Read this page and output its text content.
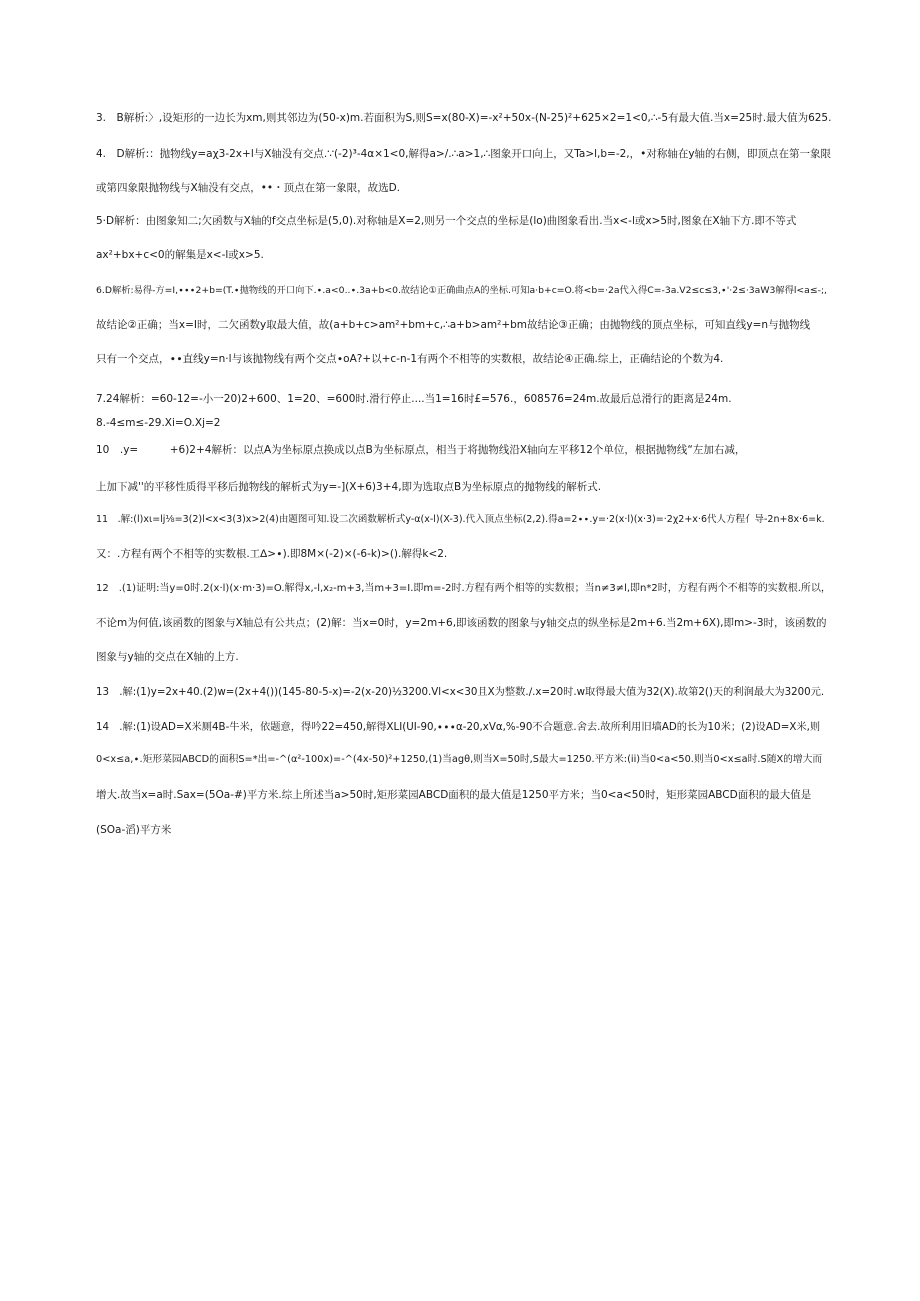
3.　B解析:〉,设矩形的一边长为xm,则其邻边为(50-x)m.若面积为S,则S=x(80-X)=-x²+50x-(N-25)²+625×2=1<0,∴-5有最大值.当x=25时.最大值为625.
4.　D解析:：抛物线y=aχ3-2x+l与X轴没有交点.∵(-2)³-4α×1<0,解得a>/.∴a>1,∴图象开口向上，又Ta>l,b=-2,，•对称轴在y轴的右侧，即顶点在第一象限
或第四象限抛物线与X轴没有交点，••・顶点在第一象限，故选D.
5·D解析：由图象知二;欠函数与X轴的f交点坐标是(5,0).对称轴是X=2,则另一个交点的坐标是(lo)曲图象看出.当x<-l或x>5时,图象在X轴下方.即不等式
ax²+bx+c<0的解集是x<-l或x>5.
6.D解析:易得-方=I,∙∙∙2+b=(T.∙抛物线的开口向下.∙.a<0..∙.3a+b<0.故结论①正确曲点A的坐标.可知a·b+c=O.将<b=·2a代入得C=-3a.V2≤c≤3,∙'·2≤·3aW3解得l<a≤-;,
故结论②正确；当x=I时，二欠函数y取最大值，故(a+b+c>am²+bm+c,∴a+b>am²+bm故结论③正确；由抛物线的顶点坐标，可知直线y=n与抛物线
只有一个交点，∙∙直线y=n·l与该抛物线有两个交点∙oA?+以+c-n-1有两个不相等的实数根，故结论④正确.综上，正确结论的个数为4.
7.24解析：=60-12=-小一20)2+600、1=20、=600时.滑行停止....当1=16时£=576.，608576=24m.故最后总滑行的距离是24m.
8.-4≤m≤-29.Xi=O.Xj=2
10　.y=　　　+6)2+4解析：以点A为坐标原点换成以点B为坐标原点，相当于将抛物线沿X轴向左平移12个单位，根据抛物线“左加右减，
上加下减''的平移性质得平移后抛物线的解析式为y=-](X+6)3+4,即为选取点B为坐标原点的抛物线的解析式.
11　.解:(l)xι=lj⅛=3(2)l<x<3(3)x>2(4)由题图可知.设二次函数解析式y-α(x-l)(X-3).代入顶点坐标(2,2).得a=2∙∙.y=·2(x·l)(x·3)=·2χ2+x·6代人方程亻导-2n+8x·6=k.
又：.方程有两个不相等的实数根.工∆>∙).即8M×(-2)×(-6-k)>().解得k<2.
12　.(1)证明:当y=0时.2(x·l)(x·m·3)=O.解得x,-l,x₂-m+3,当m+3=I.即m=-2时.方程有两个相等的实数根；当n≠3≠l,即n*2时，方程有两个不相等的实数根.所以，
不论m为何值,该函数的图象与X轴总有公共点；(2)解：当x=0时，y=2m+6,即该函数的图象与y轴交点的纵坐标是2m+6.当2m+6X),即m>-3时，该函数的
图象与y轴的交点在X轴的上方.
13　.解:(1)y=2x+40.(2)w=(2x+4())(145-80-5-x)=-2(x-20)½3200.Vl<x<30且X为整数.∕.x=20时.w取得最大值为32(X).故第2()天的利润最大为3200元.
14　.解:(1)设AD=X米厕4B-牛米，依题意，得吟22=450,解得XLI(UI-90,∙∙∙α-20,xVα,%-90不合题意.舍去.故所利用旧墙AD的长为10米；(2)设AD=X米,则
0<x≤a,∙.矩形菜园ABCD的面积S=*出=-^(α²-100x)=-^(4x-50)²+1250,(1)当agθ,则当X=50时,S最大=1250.平方米:(ii)当0<a<50.则当0<x≤a时.S随X的增大而
增大.故当x=a时.Sax=(5Oa-#)平方米.综上所述当a>50时,矩形菜园ABCD面积的最大值是1250平方米；当0<a<50时，矩形菜园ABCD面积的最大值是
(SOa-滔)平方米
